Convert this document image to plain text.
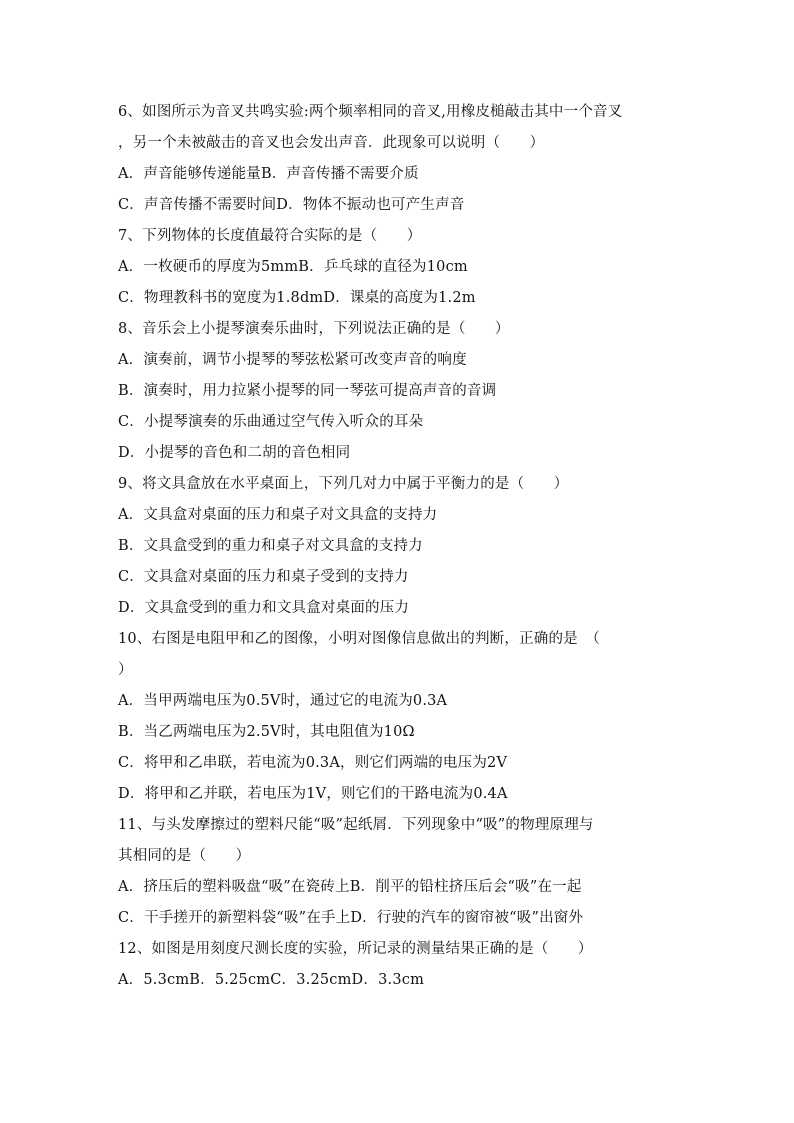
6、如图所示为音叉共鸣实验:两个频率相同的音叉,用橡皮槌敲击其中一个音叉
，另一个未被敲击的音叉也会发出声音．此现象可以说明（　　）
A．声音能够传递能量B．声音传播不需要介质
C．声音传播不需要时间D．物体不振动也可产生声音
7、下列物体的长度值最符合实际的是（　　）
A．一枚硬币的厚度为5mmB．乒乓球的直径为10cm
C．物理教科书的宽度为1.8dmD．课桌的高度为1.2m
8、音乐会上小提琴演奏乐曲时，下列说法正确的是（　　）
A．演奏前，调节小提琴的琴弦松紧可改变声音的响度
B．演奏时，用力拉紧小提琴的同一琴弦可提高声音的音调
C．小提琴演奏的乐曲通过空气传入听众的耳朵
D．小提琴的音色和二胡的音色相同
9、将文具盒放在水平桌面上，下列几对力中属于平衡力的是（　　）
A．文具盒对桌面的压力和桌子对文具盒的支持力
B．文具盒受到的重力和桌子对文具盒的支持力
C．文具盒对桌面的压力和桌子受到的支持力
D．文具盒受到的重力和文具盒对桌面的压力
10、右图是电阻甲和乙的图像，小明对图像信息做出的判断，正确的是　（
）
A．当甲两端电压为0.5V时，通过它的电流为0.3A
B．当乙两端电压为2.5V时，其电阻值为10Ω
C．将甲和乙串联，若电流为0.3A，则它们两端的电压为2V
D．将甲和乙并联，若电压为1V，则它们的干路电流为0.4A
11、与头发摩擦过的塑料尺能“吸”起纸屑．下列现象中“吸”的物理原理与
其相同的是（　　）
A．挤压后的塑料吸盘“吸”在瓷砖上B．削平的铅柱挤压后会“吸”在一起
C．干手搓开的新塑料袋“吸”在手上D．行驶的汽车的窗帘被“吸”出窗外
12、如图是用刻度尺测长度的实验，所记录的测量结果正确的是（　　）
A．5.3cmB．5.25cmC．3.25cmD．3.3cm
